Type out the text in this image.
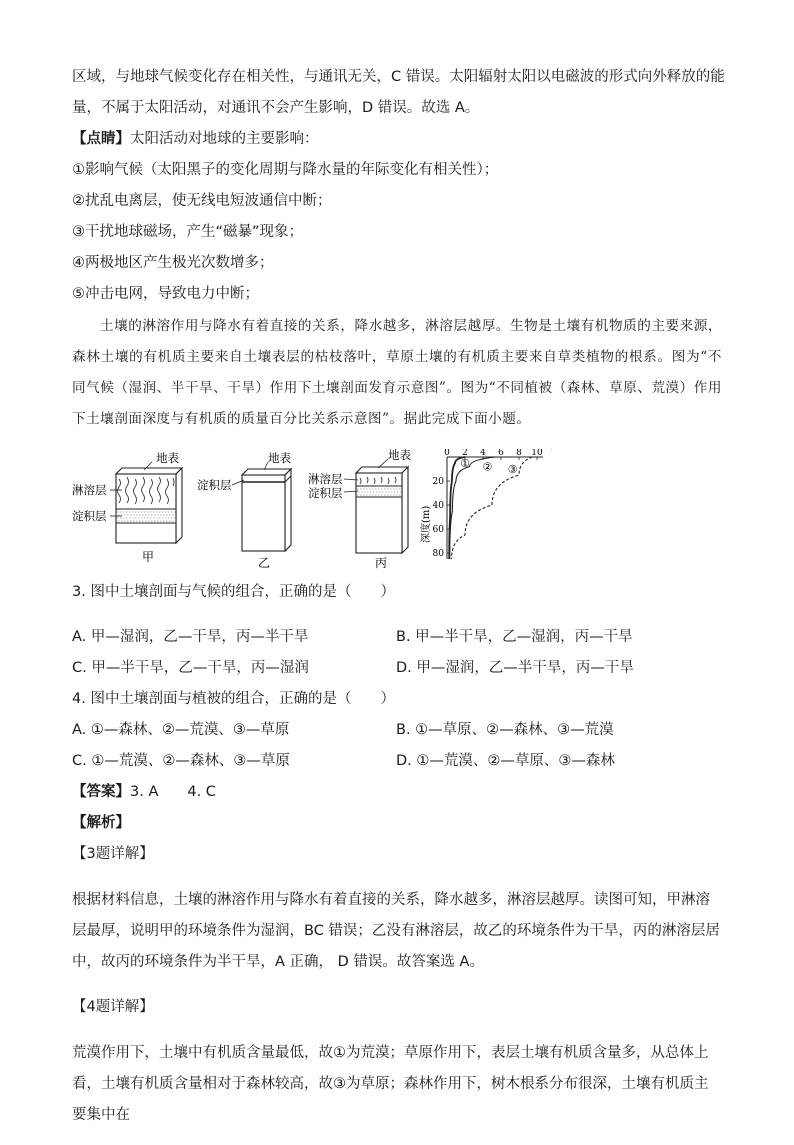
区域，与地球气候变化存在相关性，与通讯无关，C 错误。太阳辐射太阳以电磁波的形式向外释放的能

量，不属于太阳活动，对通讯不会产生影响，D 错误。故选 A。

【点睛】太阳活动对地球的主要影响：

①影响气候（太阳黑子的变化周期与降水量的年际变化有相关性）；

②扰乱电离层，使无线电短波通信中断；

③干扰地球磁场，产生“磁暴”现象；

④两极地区产生极光次数增多；

⑤冲击电网，导致电力中断；

土壤的淋溶作用与降水有着直接的关系，降水越多，淋溶层越厚。生物是土壤有机物质的主要来源，森林土壤的有机质主要来自土壤表层的枯枝落叶，草原土壤的有机质主要来自草类植物的根系。图为“不同气候（湿润、半干旱、干旱）作用下土壤剖面发育示意图”。图为“不同植被（森林、草原、荒漠）作用下土壤剖面深度与有机质的质量百分比关系示意图”。据此完成下面小题。

地表
淋溶层
淀积层
甲
地表
淀积层
乙
地表
淋溶层
淀积层
丙
深度(m)
0 2 4 6 8 10
20
40
60
80
① ② ③

3. 图中土壤剖面与气候的组合，正确的是（　　）

A. 甲—湿润，乙—干旱，丙—半干旱	B. 甲—半干旱，乙—湿润，丙—干旱
C. 甲—半干旱，乙—干旱，丙—湿润	D. 甲—湿润，乙—半干旱，丙—干旱

4. 图中土壤剖面与植被的组合，正确的是（　　）

A. ①—森林、②—荒漠、③—草原	B. ①—草原、②—森林、③—荒漠
C. ①—荒漠、②—森林、③—草原	D. ①—荒漠、②—草原、③—森林

【答案】3. A　　4. C

【解析】

【3题详解】

根据材料信息，土壤的淋溶作用与降水有着直接的关系，降水越多，淋溶层越厚。读图可知，甲淋溶层最厚，说明甲的环境条件为湿润，BC 错误；乙没有淋溶层，故乙的环境条件为干旱，丙的淋溶层居中，故丙的环境条件为半干旱，A 正确， D 错误。故答案选 A。

【4题详解】

荒漠作用下，土壤中有机质含量最低，故①为荒漠；草原作用下，表层土壤有机质含量多，从总体上看，土壤有机质含量相对于森林较高，故③为草原；森林作用下，树木根系分布很深，土壤有机质主要集中在
